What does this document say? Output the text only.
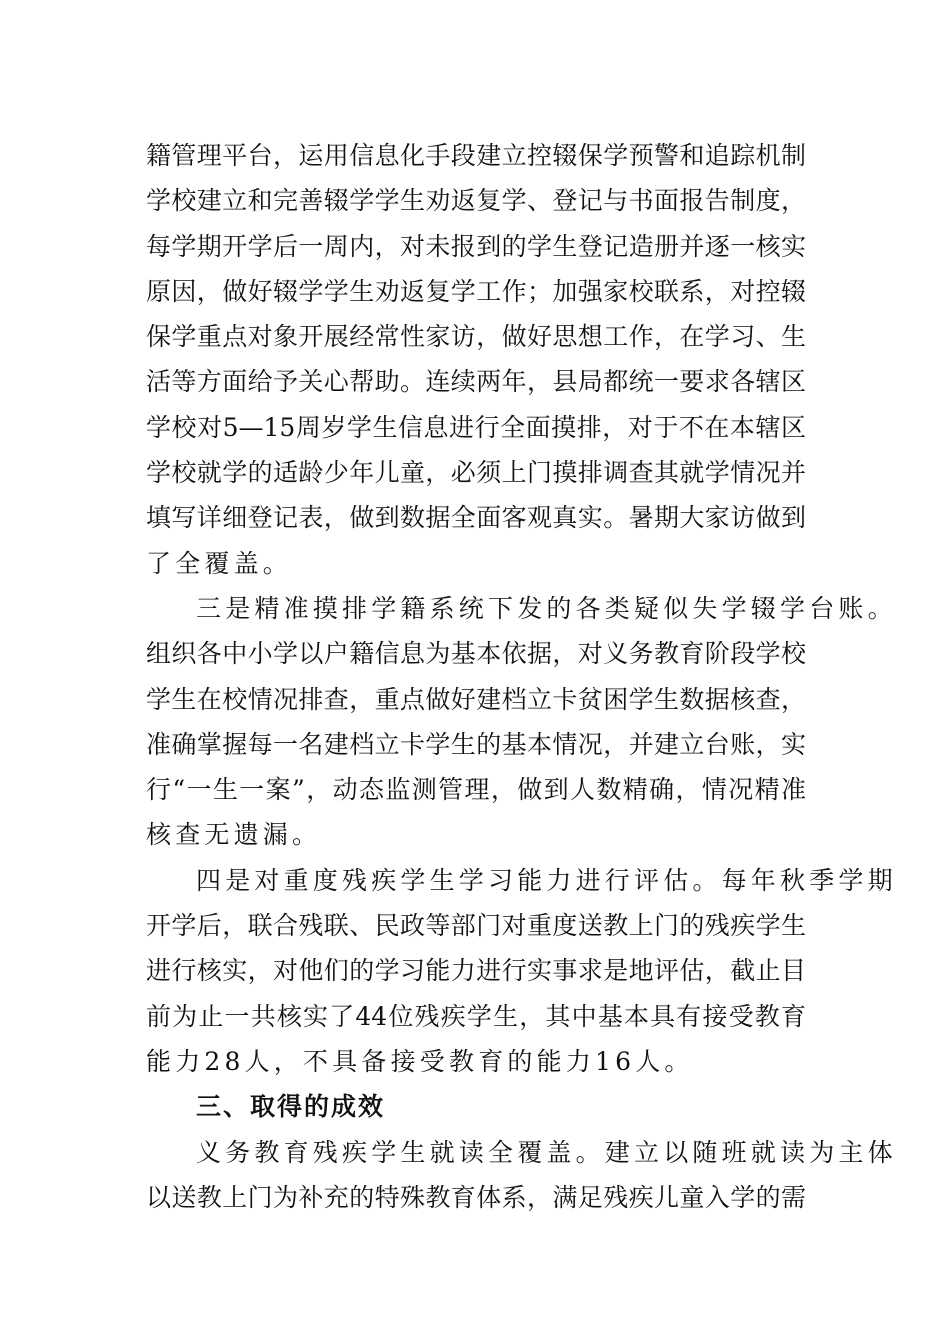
籍管理平台，运用信息化手段建立控辍保学预警和追踪机制
学校建立和完善辍学学生劝返复学、登记与书面报告制度，
每学期开学后一周内，对未报到的学生登记造册并逐一核实
原因，做好辍学学生劝返复学工作；加强家校联系，对控辍
保学重点对象开展经常性家访，做好思想工作，在学习、生
活等方面给予关心帮助。连续两年，县局都统一要求各辖区
学校对5—15周岁学生信息进行全面摸排，对于不在本辖区
学校就学的适龄少年儿童，必须上门摸排调查其就学情况并
填写详细登记表，做到数据全面客观真实。暑期大家访做到
了全覆盖。
三是精准摸排学籍系统下发的各类疑似失学辍学台账。
组织各中小学以户籍信息为基本依据，对义务教育阶段学校
学生在校情况排查，重点做好建档立卡贫困学生数据核查，
准确掌握每一名建档立卡学生的基本情况，并建立台账，实
行“一生一案”，动态监测管理，做到人数精确，情况精准
核查无遗漏。
四是对重度残疾学生学习能力进行评估。每年秋季学期
开学后，联合残联、民政等部门对重度送教上门的残疾学生
进行核实，对他们的学习能力进行实事求是地评估，截止目
前为止一共核实了44位残疾学生，其中基本具有接受教育
能力28人，不具备接受教育的能力16人。
三、取得的成效
义务教育残疾学生就读全覆盖。建立以随班就读为主体
以送教上门为补充的特殊教育体系，满足残疾儿童入学的需
